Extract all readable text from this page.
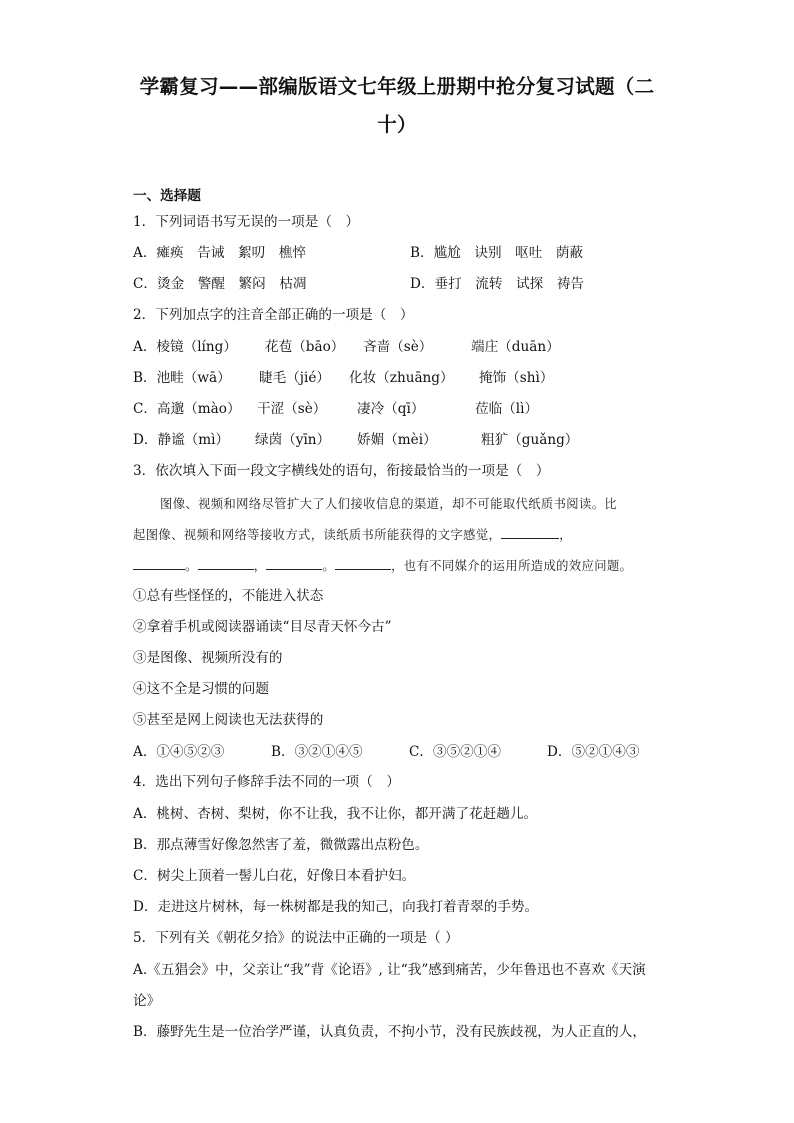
学霸复习——部编版语文七年级上册期中抢分复习试题（二
十）
一、选择题
1．下列词语书写无误的一项是（　）
A．瘫痪　告诫　絮叨　樵悴	B．尴尬　诀别　呕吐　荫蔽
C．烫金　警醒　繁闷　枯凋	D．垂打　流转　试探　祷告
2．下列加点字的注音全部正确的一项是（　）
A．棱镜（líng） 花苞（bāo） 吝啬（sè）	端庄（duān）
B．池畦（wā） 睫毛（jié） 化妆（zhuāng） 掩饰（shì）
C．高邈（mào） 干涩（sè） 凄冷（qī）	莅临（lì）
D．静谧（mì） 绿茵（yīn） 娇媚（mèi）	粗犷（guǎng）
3．依次填入下面一段文字横线处的语句，衔接最恰当的一项是（　）
图像、视频和网络尽管扩大了人们接收信息的渠道，却不可能取代纸质书阅读。比
起图像、视频和网络等接收方式，读纸质书所能获得的文字感觉，	，
。	，	。	，也有不同媒介的运用所造成的效应问题。
①总有些怪怪的，不能进入状态
②拿着手机或阅读器诵读“目尽青天怀今古”
③是图像、视频所没有的
④这不全是习惯的问题
⑤甚至是网上阅读也无法获得的
A．①④⑤②③	B．③②①④⑤	C．③⑤②①④	D．⑤②①④③
4．选出下列句子修辞手法不同的一项（　）
A．桃树、杏树、梨树，你不让我，我不让你，都开满了花赶趟儿。
B．那点薄雪好像忽然害了羞，微微露出点粉色。
C．树尖上顶着一髻儿白花，好像日本看护妇。
D．走进这片树林，每一株树都是我的知己，向我打着青翠的手势。
5．下列有关《朝花夕拾》的说法中正确的一项是（ ）
A.《五猖会》中，父亲让“我”背《论语》, 让“我”感到痛苦，少年鲁迅也不喜欢《天演
论》
B．藤野先生是一位治学严谨，认真负责，不拘小节，没有民族歧视，为人正直的人，
